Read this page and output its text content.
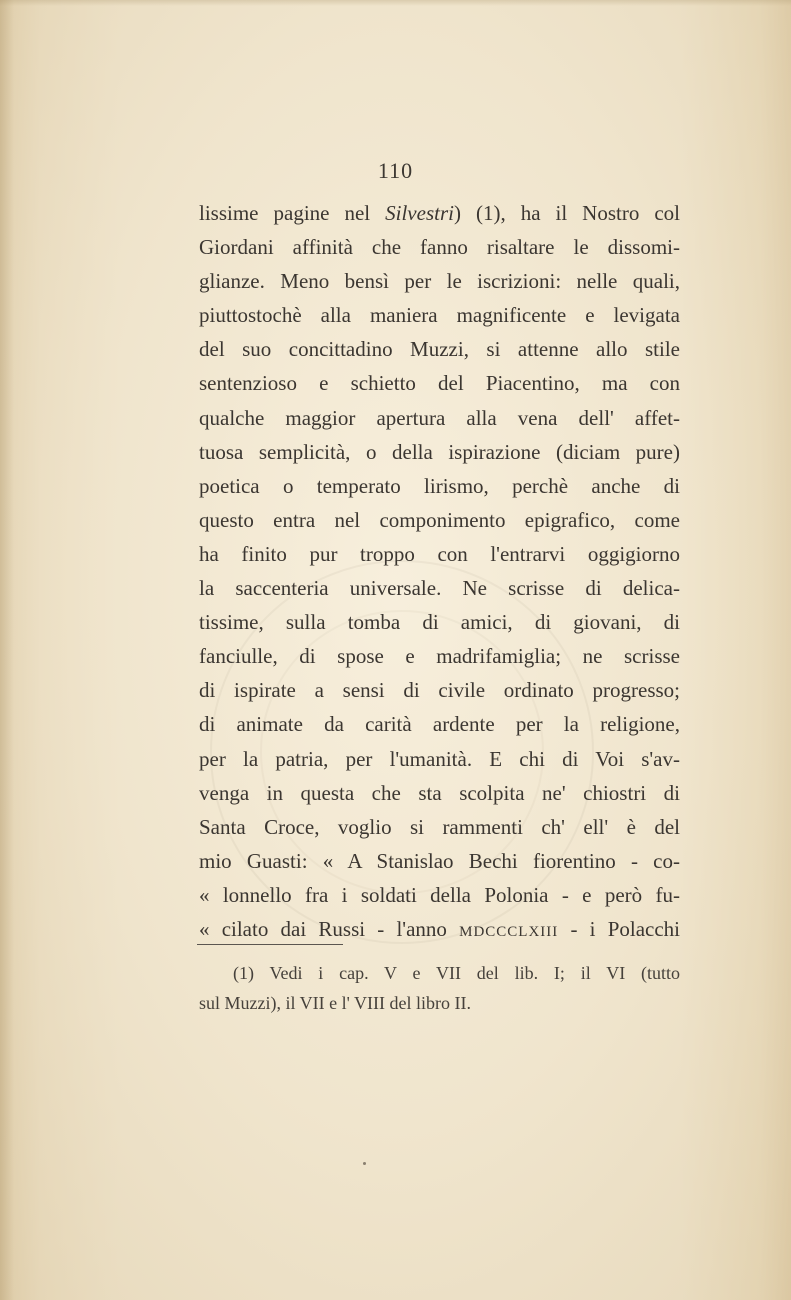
110
lissime pagine nel Silvestri) (1), ha il Nostro col
Giordani affinità che fanno risaltare le dissomi-
glianze. Meno bensì per le iscrizioni: nelle quali,
piuttostochè alla maniera magnificente e levigata
del suo concittadino Muzzi, si attenne allo stile
sentenzioso e schietto del Piacentino, ma con
qualche maggior apertura alla vena dell' affet-
tuosa semplicità, o della ispirazione (diciam pure)
poetica o temperato lirismo, perchè anche di
questo entra nel componimento epigrafico, come
ha finito pur troppo con l'entrarvi oggigiorno
la saccenteria universale. Ne scrisse di delica-
tissime, sulla tomba di amici, di giovani, di
fanciulle, di spose e madrifamiglia; ne scrisse
di ispirate a sensi di civile ordinato progresso;
di animate da carità ardente per la religione,
per la patria, per l'umanità. E chi di Voi s'av-
venga in questa che sta scolpita ne' chiostri di
Santa Croce, voglio si rammenti ch' ell' è del
mio Guasti: « A Stanislao Bechi fiorentino - co-
« lonnello fra i soldati della Polonia - e però fu-
« cilato dai Russi - l'anno mdccclxiii - i Polacchi
(1) Vedi i cap. V e VII del lib. I; il VI (tutto
sul Muzzi), il VII e l' VIII del libro II.
